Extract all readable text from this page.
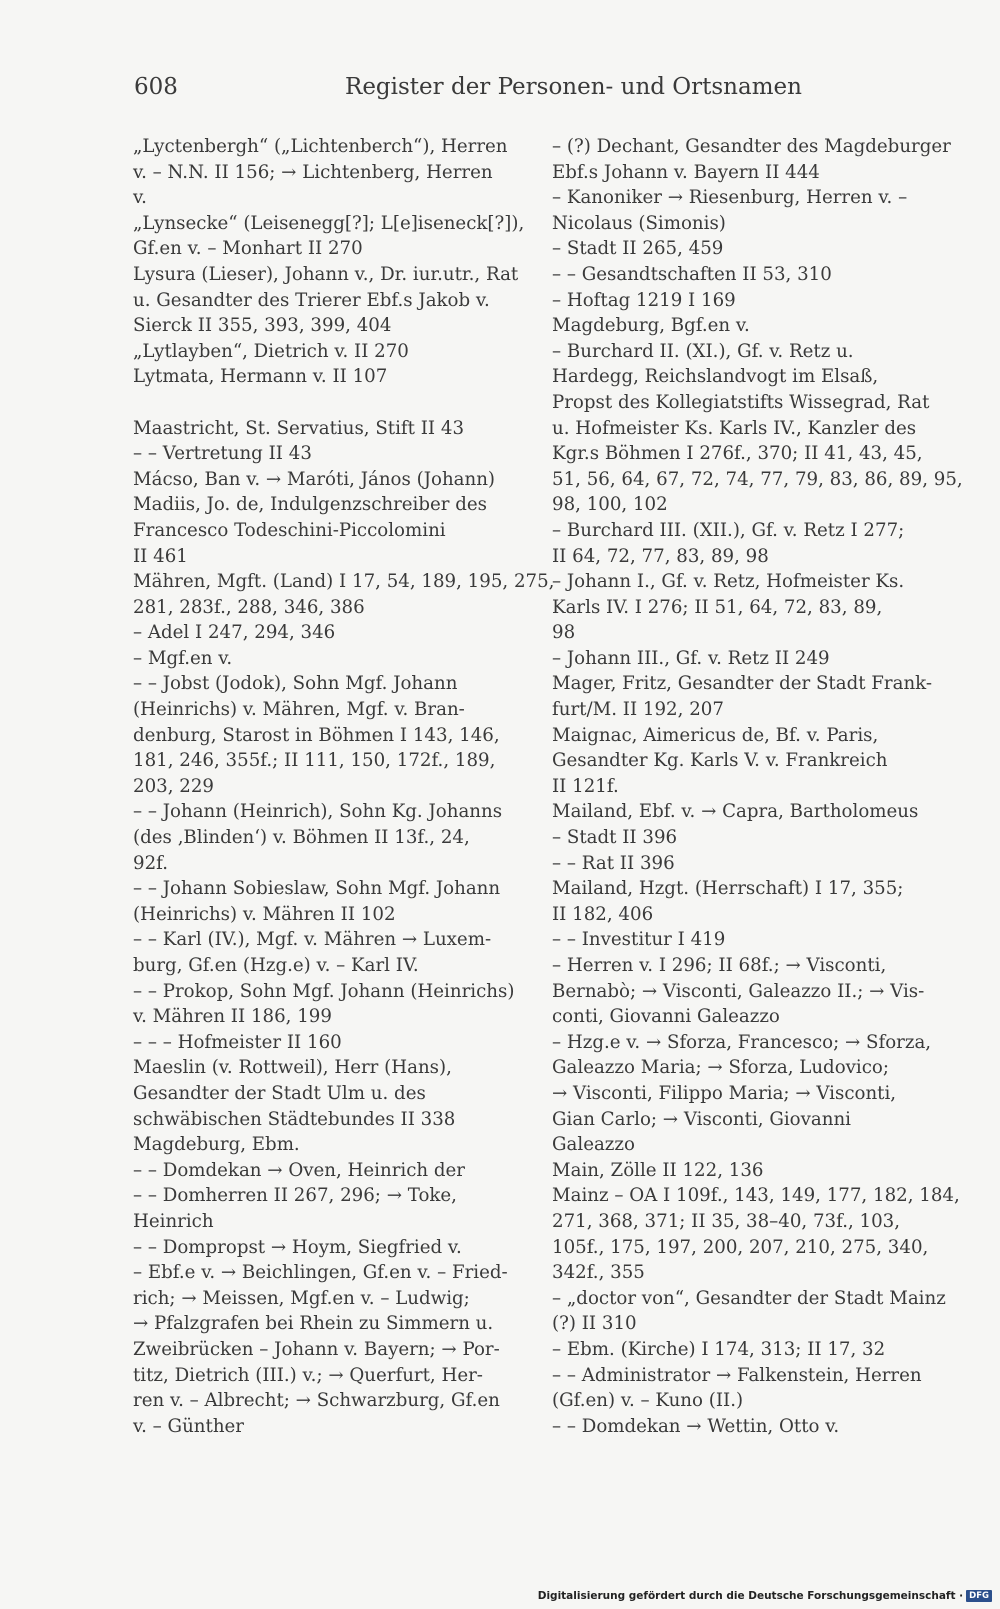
608	Register der Personen- und Ortsnamen
„Lyctenbergh“ („Lichtenberch“), Herren
v. – N.N. II 156; → Lichtenberg, Herren
v.
„Lynsecke“ (Leisenegg[?]; L[e]iseneck[?]),
Gf.en v. – Monhart II 270
Lysura (Lieser), Johann v., Dr. iur.utr., Rat
u. Gesandter des Trierer Ebf.s Jakob v.
Sierck II 355, 393, 399, 404
„Lytlayben“, Dietrich v. II 270
Lytmata, Hermann v. II 107
Maastricht, St. Servatius, Stift II 43
– – Vertretung II 43
Mácso, Ban v. → Maróti, János (Johann)
Madiis, Jo. de, Indulgenzschreiber des
Francesco Todeschini-Piccolomini
II 461
Mähren, Mgft. (Land) I 17, 54, 189, 195, 275,
281, 283f., 288, 346, 386
– Adel I 247, 294, 346
– Mgf.en v.
– – Jobst (Jodok), Sohn Mgf. Johann
(Heinrichs) v. Mähren, Mgf. v. Bran-
denburg, Starost in Böhmen I 143, 146,
181, 246, 355f.; II 111, 150, 172f., 189,
203, 229
– – Johann (Heinrich), Sohn Kg. Johanns
(des ‚Blinden‘) v. Böhmen II 13f., 24,
92f.
– – Johann Sobieslaw, Sohn Mgf. Johann
(Heinrichs) v. Mähren II 102
– – Karl (IV.), Mgf. v. Mähren → Luxem-
burg, Gf.en (Hzg.e) v. – Karl IV.
– – Prokop, Sohn Mgf. Johann (Heinrichs)
v. Mähren II 186, 199
– – – Hofmeister II 160
Maeslin (v. Rottweil), Herr (Hans),
Gesandter der Stadt Ulm u. des
schwäbischen Städtebundes II 338
Magdeburg, Ebm.
– – Domdekan → Oven, Heinrich der
– – Domherren II 267, 296; → Toke,
Heinrich
– – Dompropst → Hoym, Siegfried v.
– Ebf.e v. → Beichlingen, Gf.en v. – Fried-
rich; → Meissen, Mgf.en v. – Ludwig;
→ Pfalzgrafen bei Rhein zu Simmern u.
Zweibrücken – Johann v. Bayern; → Por-
titz, Dietrich (III.) v.; → Querfurt, Her-
ren v. – Albrecht; → Schwarzburg, Gf.en
v. – Günther
– (?) Dechant, Gesandter des Magdeburger
Ebf.s Johann v. Bayern II 444
– Kanoniker → Riesenburg, Herren v. –
Nicolaus (Simonis)
– Stadt II 265, 459
– – Gesandtschaften II 53, 310
– Hoftag 1219 I 169
Magdeburg, Bgf.en v.
– Burchard II. (XI.), Gf. v. Retz u.
Hardegg, Reichslandvogt im Elsaß,
Propst des Kollegiatstifts Wissegrad, Rat
u. Hofmeister Ks. Karls IV., Kanzler des
Kgr.s Böhmen I 276f., 370; II 41, 43, 45,
51, 56, 64, 67, 72, 74, 77, 79, 83, 86, 89, 95,
98, 100, 102
– Burchard III. (XII.), Gf. v. Retz I 277;
II 64, 72, 77, 83, 89, 98
– Johann I., Gf. v. Retz, Hofmeister Ks.
Karls IV. I 276; II 51, 64, 72, 83, 89,
98
– Johann III., Gf. v. Retz II 249
Mager, Fritz, Gesandter der Stadt Frank-
furt/M. II 192, 207
Maignac, Aimericus de, Bf. v. Paris,
Gesandter Kg. Karls V. v. Frankreich
II 121f.
Mailand, Ebf. v. → Capra, Bartholomeus
– Stadt II 396
– – Rat II 396
Mailand, Hzgt. (Herrschaft) I 17, 355;
II 182, 406
– – Investitur I 419
– Herren v. I 296; II 68f.; → Visconti,
Bernabò; → Visconti, Galeazzo II.; → Vis-
conti, Giovanni Galeazzo
– Hzg.e v. → Sforza, Francesco; → Sforza,
Galeazzo Maria; → Sforza, Ludovico;
→ Visconti, Filippo Maria; → Visconti,
Gian Carlo; → Visconti, Giovanni
Galeazzo
Main, Zölle II 122, 136
Mainz – OA I 109f., 143, 149, 177, 182, 184,
271, 368, 371; II 35, 38–40, 73f., 103,
105f., 175, 197, 200, 207, 210, 275, 340,
342f., 355
– „doctor von“, Gesandter der Stadt Mainz
(?) II 310
– Ebm. (Kirche) I 174, 313; II 17, 32
– – Administrator → Falkenstein, Herren
(Gf.en) v. – Kuno (II.)
– – Domdekan → Wettin, Otto v.
Digitalisierung gefördert durch die Deutsche Forschungsgemeinschaft · DFG
